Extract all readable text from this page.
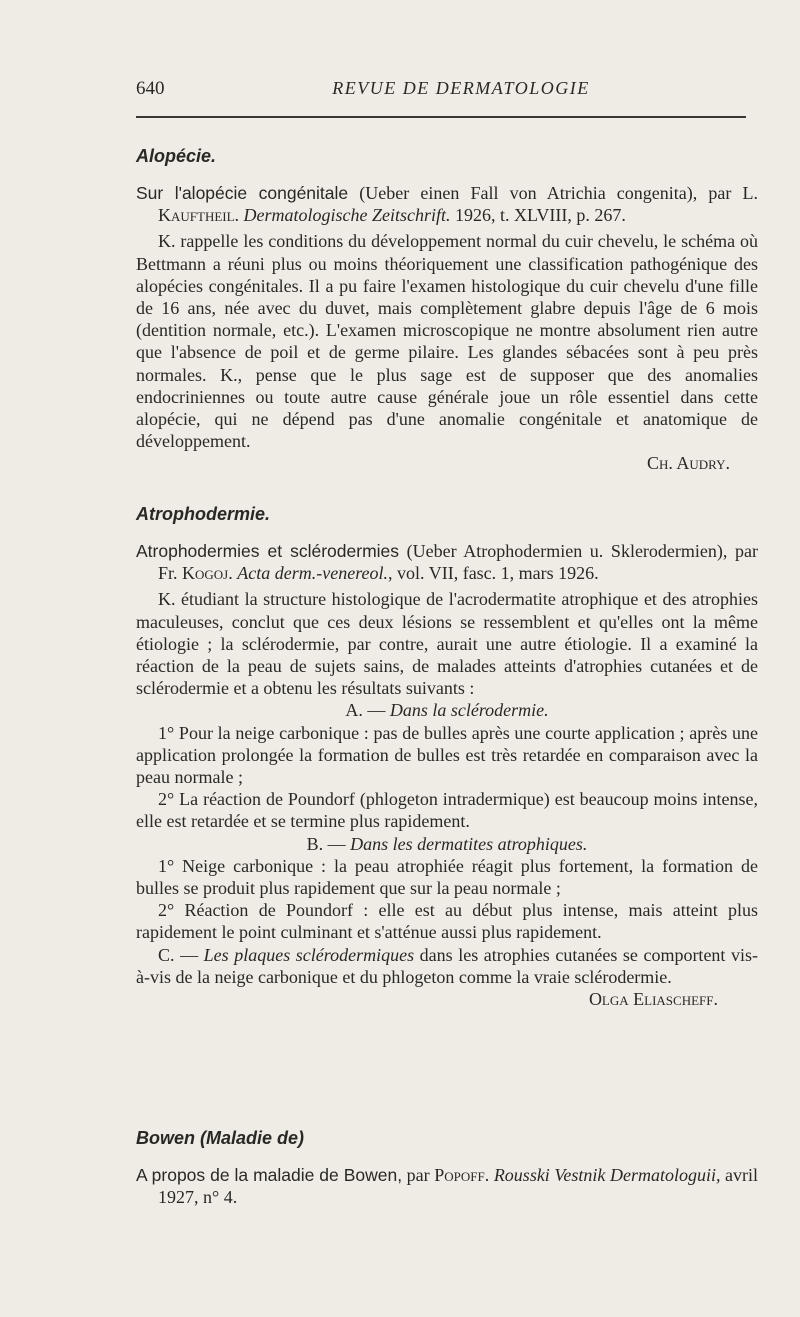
640	REVUE DE DERMATOLOGIE
Alopécie.

Sur l'alopécie congénitale (Ueber einen Fall von Atrichia congenita), par L. Kauftheil. Dermatologische Zeitschrift. 1926, t. XLVIII, p. 267.

K. rappelle les conditions du développement normal du cuir chevelu, le schéma où Bettmann a réuni plus ou moins théoriquement une classification pathogénique des alopécies congénitales. Il a pu faire l'examen histologique du cuir chevelu d'une fille de 16 ans, née avec du duvet, mais complètement glabre depuis l'âge de 6 mois (dentition normale, etc.). L'examen microscopique ne montre absolument rien autre que l'absence de poil et de germe pilaire. Les glandes sébacées sont à peu près normales. K., pense que le plus sage est de supposer que des anomalies endocriniennes ou toute autre cause générale joue un rôle essentiel dans cette alopécie, qui ne dépend pas d'une anomalie congénitale et anatomique de développement.

Ch. Audry.

Atrophodermie.

Atrophodermies et sclérodermies (Ueber Atrophodermien u. Sklerodermien), par Fr. Kogoj. Acta derm.-venereol., vol. VII, fasc. 1, mars 1926.

K. étudiant la structure histologique de l'acrodermatite atrophique et des atrophies maculeuses, conclut que ces deux lésions se ressemblent et qu'elles ont la même étiologie ; la sclérodermie, par contre, aurait une autre étiologie. Il a examiné la réaction de la peau de sujets sains, de malades atteints d'atrophies cutanées et de sclérodermie et a obtenu les résultats suivants :

A. — Dans la sclérodermie.

1° Pour la neige carbonique : pas de bulles après une courte application ; après une application prolongée la formation de bulles est très retardée en comparaison avec la peau normale ;

2° La réaction de Poundorf (phlogeton intradermique) est beaucoup moins intense, elle est retardée et se termine plus rapidement.

B. — Dans les dermatites atrophiques.

1° Neige carbonique : la peau atrophiée réagit plus fortement, la formation de bulles se produit plus rapidement que sur la peau normale ;

2° Réaction de Poundorf : elle est au début plus intense, mais atteint plus rapidement le point culminant et s'atténue aussi plus rapidement.

C. — Les plaques sclérodermiques dans les atrophies cutanées se comportent vis-à-vis de la neige carbonique et du phlogeton comme la vraie sclérodermie.
Olga Eliascheff.

Bowen (Maladie de)

A propos de la maladie de Bowen, par Popoff. Rousski Vestnik Dermatologuii, avril 1927, n° 4.
